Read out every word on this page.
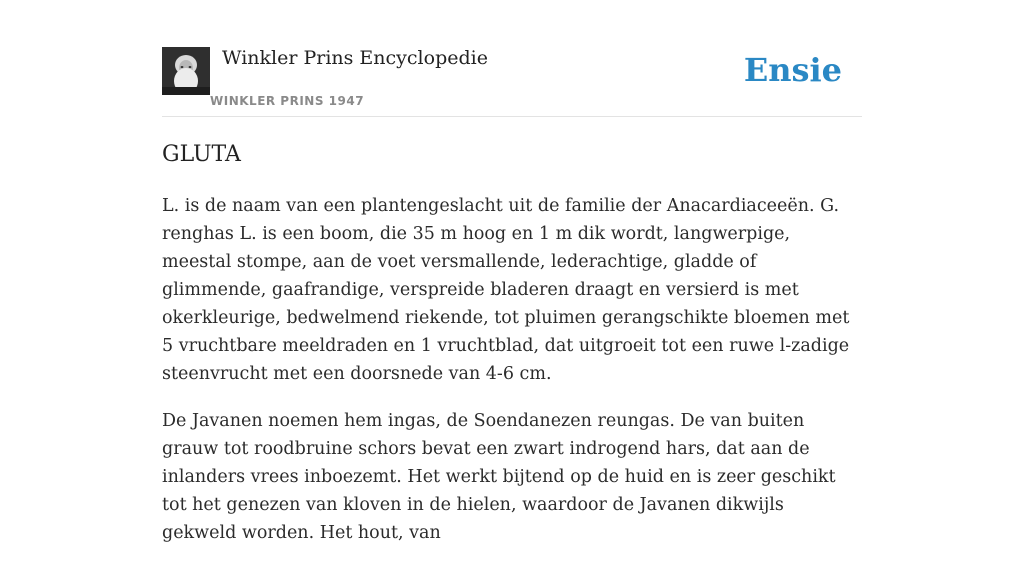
Winkler Prins Encyclopedie
WINKLER PRINS 1947
Ensie
GLUTA

L. is de naam van een plantengeslacht uit de familie der Anacardiaceeën. G. renghas L. is een boom, die 35 m hoog en 1 m dik wordt, langwerpige, meestal stompe, aan de voet versmallende, lederachtige, gladde of glimmende, gaafrandige, verspreide bladeren draagt en versierd is met okerkleurige, bedwelmend riekende, tot pluimen gerangschikte bloemen met 5 vruchtbare meeldraden en 1 vruchtblad, dat uitgroeit tot een ruwe l-zadige steenvrucht met een doorsnede van 4-6 cm.

De Javanen noemen hem ingas, de Soendanezen reungas. De van buiten grauw tot roodbruine schors bevat een zwart indrogend hars, dat aan de inlanders vrees inboezemt. Het werkt bijtend op de huid en is zeer geschikt tot het genezen van kloven in de hielen, waardoor de Javanen dikwijls gekweld worden. Het hout, van
